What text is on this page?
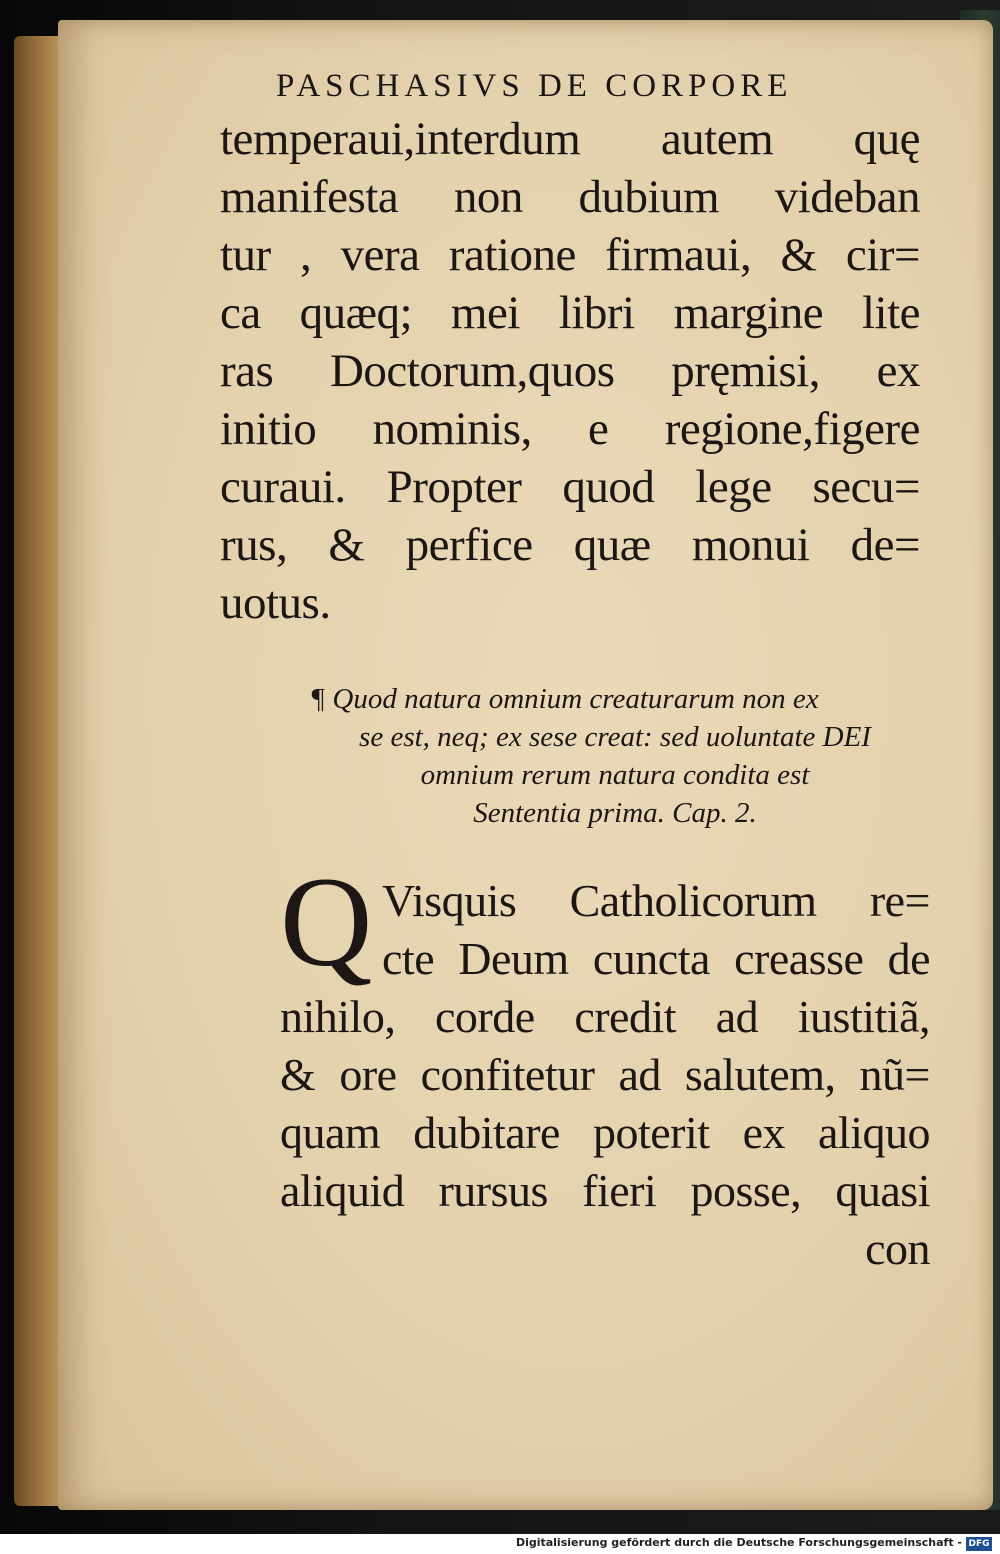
PASCHASIVS DE CORPORE
temperaui,interdum autem quę
manifesta non dubium videban
tur , vera ratione firmaui, & cir=
ca quæq; mei libri margine lite
ras Doctorum,quos pręmisi, ex
initio nominis, e regione,figere
curaui. Propter quod lege secu=
rus, & perfice quæ monui de=
uotus.
¶ Quod natura omnium creaturarum non ex
se est, neq; ex sese creat: sed uoluntate DEI
omnium rerum natura condita est
Sententia prima. Cap. 2.
Q Visquis Catholicorum re=
cte Deum cuncta creasse de
nihilo, corde credit ad iustitiã,
& ore confitetur ad salutem, nũ=
quam dubitare poterit ex aliquo
aliquid rursus fieri posse, quasi
con
Digitalisierung gefördert durch die Deutsche Forschungsgemeinschaft - DFG
